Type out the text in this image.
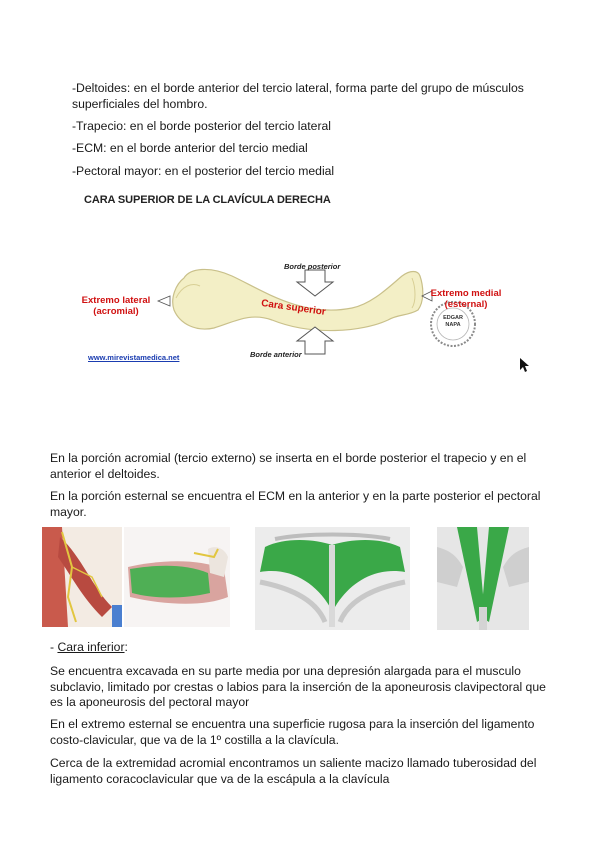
-Deltoides: en el borde anterior del tercio lateral, forma parte del grupo de músculos superficiales del hombro.

-Trapecio: en el borde posterior del tercio lateral

-ECM: en el borde anterior del tercio medial

-Pectoral mayor: en el posterior del tercio medial

CARA SUPERIOR DE LA CLAVÍCULA DERECHA
Borde posterior
Borde anterior
Extremo lateral
(acromial)
Extremo medial
(esternal)
Cara superior
EDGAR
NAPA
www.mirevistamedica.net

En la porción acromial (tercio externo) se inserta en el borde posterior el trapecio y en el anterior el deltoides.

En la porción esternal se encuentra el ECM en la anterior y en la parte posterior el pectoral mayor.

- Cara inferior:

Se encuentra excavada en su parte media por una depresión alargada para el musculo subclavio, limitado por crestas o labios para la inserción de la aponeurosis clavipectoral que es la aponeurosis del pectoral mayor

En el extremo esternal se encuentra una superficie rugosa para la inserción del ligamento costo-clavicular, que va de la 1º costilla a la clavícula.

Cerca de la extremidad acromial encontramos un saliente macizo llamado tuberosidad del ligamento coracoclavicular que va de la escápula a la clavícula
